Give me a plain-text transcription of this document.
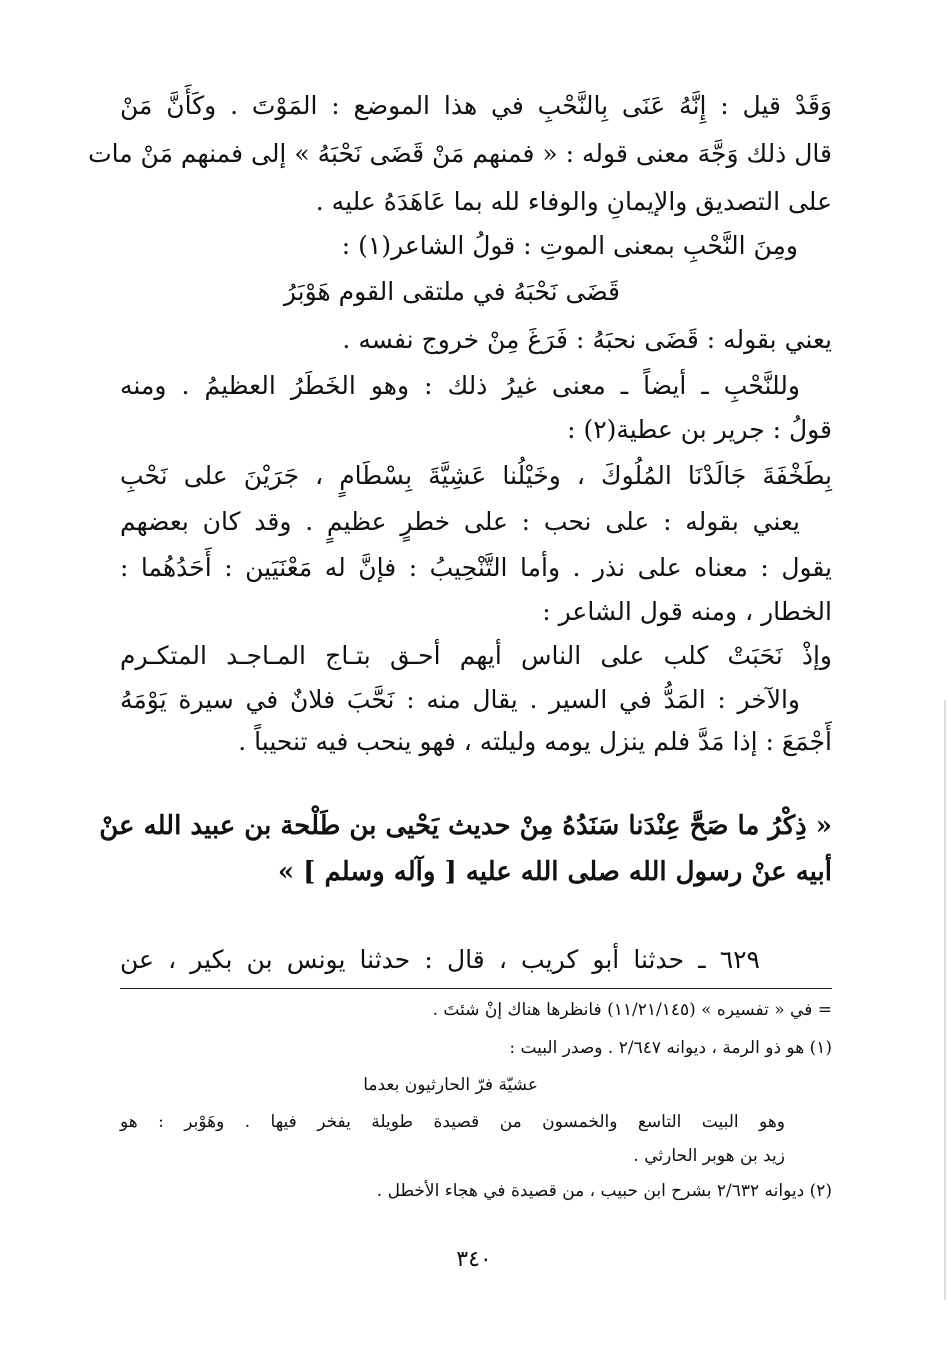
وَقَدْ قيل : إِنَّهُ عَنَى بِالنَّحْبِ في هذا الموضع : المَوْتَ . وكَأَنَّ مَنْ
قال ذلك وَجَّهَ معنى قوله : « فمنهم مَنْ قَضَى نَحْبَهُ » إلى فمنهم مَنْ مات
على التصديق والإيمانِ والوفاء لله بما عَاهَدَهُ عليه .
ومِنَ النَّحْبِ بمعنى الموتِ : قولُ الشاعر(١) :
قَضَى نَحْبَهُ في ملتقى القوم هَوْبَرُ
يعني بقوله : قَضَى نحبَهُ : فَرَغَ مِنْ خروج نفسه .
وللنَّحْبِ ـ أيضاً ـ معنى غيرُ ذلك : وهو الخَطَرُ العظيمُ . ومنه
قولُ : جرير بن عطية(٢) :
بِطَخْفَةَ جَالَدْنَا المُلُوكَ ، وخَيْلُنا عَشِيَّةَ بِسْطَامٍ ، جَرَيْنَ على نَحْبِ
يعني بقوله : على نحب : على خطرٍ عظيمٍ . وقد كان بعضهم
يقول : معناه على نذر . وأما التَّنْحِيبُ : فإنَّ له مَعْنَيَين : أَحَدُهُما :
الخطار ، ومنه قول الشاعر :
وإذْ نَحَبَتْ كلب على الناس أيهم أحـق بتـاج المـاجـد المتكـرم
والآخر : المَدُّ في السير . يقال منه : نَحَّبَ فلانٌ في سيرة يَوْمَهُ
أَجْمَعَ : إذا مَدَّ فلم ينزل يومه وليلته ، فهو ينحب فيه تنحيباً .
« ذِكْرُ ما صَحَّ عِنْدَنا سَنَدُهُ مِنْ حديث يَحْيى بن طَلْحة بن عبيد الله عنْ
أبيه عنْ رسول الله صلى الله عليه [ وآله وسلم ] »
٦٢٩ ـ حدثنا أبو كريب ، قال : حدثنا يونس بن بكير ، عن
= في « تفسيره » (١١/٢١/١٤٥) فانظرها هناك إنْ شئتَ .
(١) هو ذو الرمة ، ديوانه ٢/٦٤٧ . وصدر البيت :
عشيّة فرّ الحارثيون بعدما
وهو البيت التاسع والخمسون من قصيدة طويلة يفخر فيها . وهَوْبر : هو
زيد بن هوبر الحارثي .
(٢) ديوانه ٢/٦٣٢ بشرح ابن حبيب ، من قصيدة في هجاء الأخطل .
٣٤٠
